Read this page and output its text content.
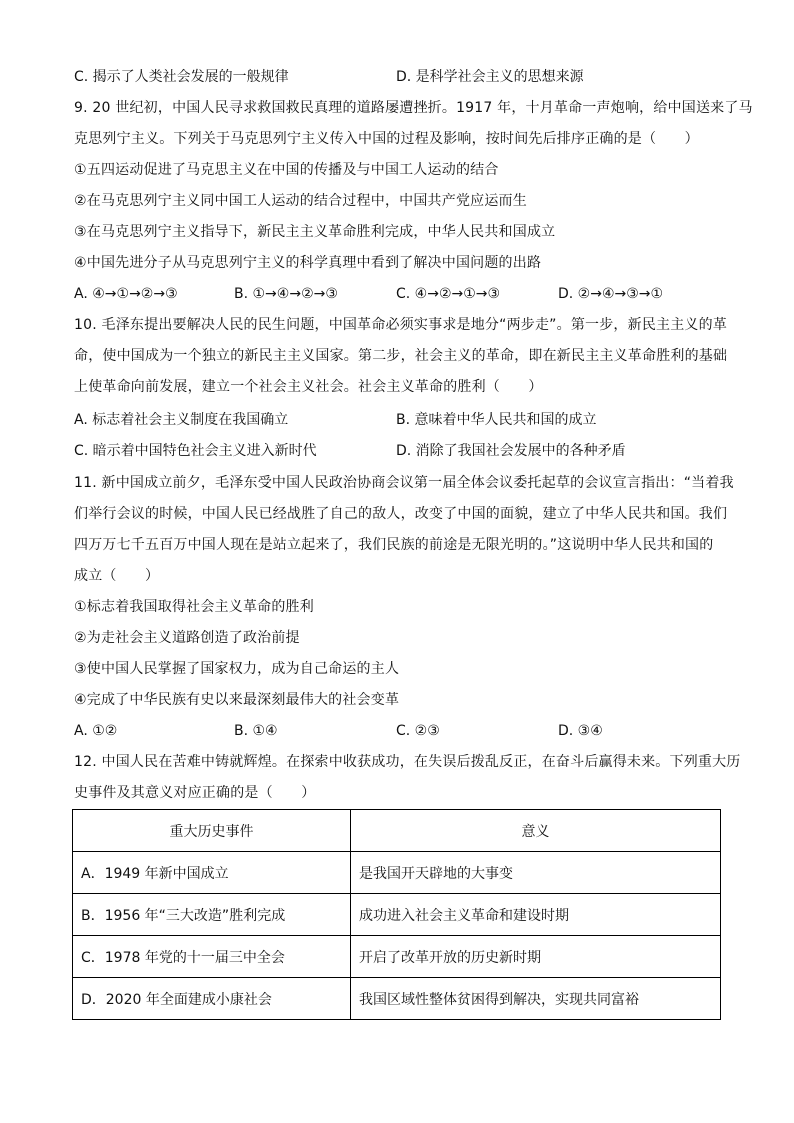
C. 揭示了人类社会发展的一般规律	D. 是科学社会主义的思想来源
9. 20 世纪初，中国人民寻求救国救民真理的道路屡遭挫折。1917 年，十月革命一声炮响，给中国送来了马
克思列宁主义。下列关于马克思列宁主义传入中国的过程及影响，按时间先后排序正确的是（　　）
①五四运动促进了马克思主义在中国的传播及与中国工人运动的结合
②在马克思列宁主义同中国工人运动的结合过程中，中国共产党应运而生
③在马克思列宁主义指导下，新民主主义革命胜利完成，中华人民共和国成立
④中国先进分子从马克思列宁主义的科学真理中看到了解决中国问题的出路
A. ④→①→②→③	B. ①→④→②→③	C. ④→②→①→③	D. ②→④→③→①
10. 毛泽东提出要解决人民的民生问题，中国革命必须实事求是地分“两步走”。第一步，新民主主义的革
命，使中国成为一个独立的新民主主义国家。第二步，社会主义的革命，即在新民主主义革命胜利的基础
上使革命向前发展，建立一个社会主义社会。社会主义革命的胜利（　　）
A. 标志着社会主义制度在我国确立	B. 意味着中华人民共和国的成立
C. 暗示着中国特色社会主义进入新时代	D. 消除了我国社会发展中的各种矛盾
11. 新中国成立前夕，毛泽东受中国人民政治协商会议第一届全体会议委托起草的会议宣言指出：“当着我
们举行会议的时候，中国人民已经战胜了自己的敌人，改变了中国的面貌，建立了中华人民共和国。我们
四万万七千五百万中国人现在是站立起来了，我们民族的前途是无限光明的。”这说明中华人民共和国的
成立（　　）
①标志着我国取得社会主义革命的胜利
②为走社会主义道路创造了政治前提
③使中国人民掌握了国家权力，成为自己命运的主人
④完成了中华民族有史以来最深刻最伟大的社会变革
A. ①②	B. ①④	C. ②③	D. ③④
12. 中国人民在苦难中铸就辉煌。在探索中收获成功，在失误后拨乱反正，在奋斗后赢得未来。下列重大历
史事件及其意义对应正确的是（　　）
重大历史事件	意义
A．1949 年新中国成立	是我国开天辟地的大事变
B．1956 年“三大改造”胜利完成	成功进入社会主义革命和建设时期
C．1978 年党的十一届三中全会	开启了改革开放的历史新时期
D．2020 年全面建成小康社会	我国区域性整体贫困得到解决，实现共同富裕
